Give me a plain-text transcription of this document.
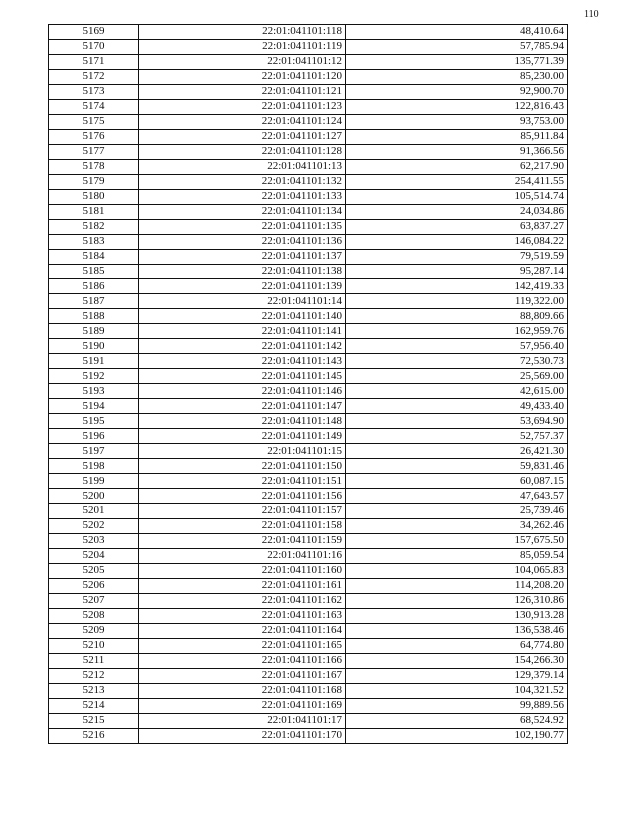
110
5169	22:01:041101:118	48,410.64
5170	22:01:041101:119	57,785.94
5171	22:01:041101:12	135,771.39
5172	22:01:041101:120	85,230.00
5173	22:01:041101:121	92,900.70
5174	22:01:041101:123	122,816.43
5175	22:01:041101:124	93,753.00
5176	22:01:041101:127	85,911.84
5177	22:01:041101:128	91,366.56
5178	22:01:041101:13	62,217.90
5179	22:01:041101:132	254,411.55
5180	22:01:041101:133	105,514.74
5181	22:01:041101:134	24,034.86
5182	22:01:041101:135	63,837.27
5183	22:01:041101:136	146,084.22
5184	22:01:041101:137	79,519.59
5185	22:01:041101:138	95,287.14
5186	22:01:041101:139	142,419.33
5187	22:01:041101:14	119,322.00
5188	22:01:041101:140	88,809.66
5189	22:01:041101:141	162,959.76
5190	22:01:041101:142	57,956.40
5191	22:01:041101:143	72,530.73
5192	22:01:041101:145	25,569.00
5193	22:01:041101:146	42,615.00
5194	22:01:041101:147	49,433.40
5195	22:01:041101:148	53,694.90
5196	22:01:041101:149	52,757.37
5197	22:01:041101:15	26,421.30
5198	22:01:041101:150	59,831.46
5199	22:01:041101:151	60,087.15
5200	22:01:041101:156	47,643.57
5201	22:01:041101:157	25,739.46
5202	22:01:041101:158	34,262.46
5203	22:01:041101:159	157,675.50
5204	22:01:041101:16	85,059.54
5205	22:01:041101:160	104,065.83
5206	22:01:041101:161	114,208.20
5207	22:01:041101:162	126,310.86
5208	22:01:041101:163	130,913.28
5209	22:01:041101:164	136,538.46
5210	22:01:041101:165	64,774.80
5211	22:01:041101:166	154,266.30
5212	22:01:041101:167	129,379.14
5213	22:01:041101:168	104,321.52
5214	22:01:041101:169	99,889.56
5215	22:01:041101:17	68,524.92
5216	22:01:041101:170	102,190.77
